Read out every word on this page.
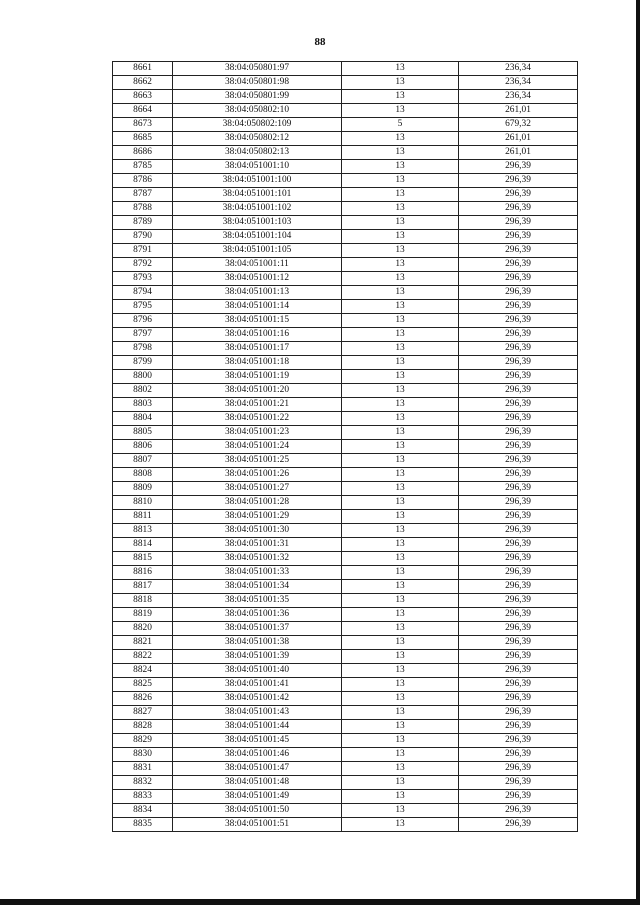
88
8661	38:04:050801:97	13	236,34
8662	38:04:050801:98	13	236,34
8663	38:04:050801:99	13	236,34
8664	38:04:050802:10	13	261,01
8673	38:04:050802:109	5	679,32
8685	38:04:050802:12	13	261,01
8686	38:04:050802:13	13	261,01
8785	38:04:051001:10	13	296,39
8786	38:04:051001:100	13	296,39
8787	38:04:051001:101	13	296,39
8788	38:04:051001:102	13	296,39
8789	38:04:051001:103	13	296,39
8790	38:04:051001:104	13	296,39
8791	38:04:051001:105	13	296,39
8792	38:04:051001:11	13	296,39
8793	38:04:051001:12	13	296,39
8794	38:04:051001:13	13	296,39
8795	38:04:051001:14	13	296,39
8796	38:04:051001:15	13	296,39
8797	38:04:051001:16	13	296,39
8798	38:04:051001:17	13	296,39
8799	38:04:051001:18	13	296,39
8800	38:04:051001:19	13	296,39
8802	38:04:051001:20	13	296,39
8803	38:04:051001:21	13	296,39
8804	38:04:051001:22	13	296,39
8805	38:04:051001:23	13	296,39
8806	38:04:051001:24	13	296,39
8807	38:04:051001:25	13	296,39
8808	38:04:051001:26	13	296,39
8809	38:04:051001:27	13	296,39
8810	38:04:051001:28	13	296,39
8811	38:04:051001:29	13	296,39
8813	38:04:051001:30	13	296,39
8814	38:04:051001:31	13	296,39
8815	38:04:051001:32	13	296,39
8816	38:04:051001:33	13	296,39
8817	38:04:051001:34	13	296,39
8818	38:04:051001:35	13	296,39
8819	38:04:051001:36	13	296,39
8820	38:04:051001:37	13	296,39
8821	38:04:051001:38	13	296,39
8822	38:04:051001:39	13	296,39
8824	38:04:051001:40	13	296,39
8825	38:04:051001:41	13	296,39
8826	38:04:051001:42	13	296,39
8827	38:04:051001:43	13	296,39
8828	38:04:051001:44	13	296,39
8829	38:04:051001:45	13	296,39
8830	38:04:051001:46	13	296,39
8831	38:04:051001:47	13	296,39
8832	38:04:051001:48	13	296,39
8833	38:04:051001:49	13	296,39
8834	38:04:051001:50	13	296,39
8835	38:04:051001:51	13	296,39
